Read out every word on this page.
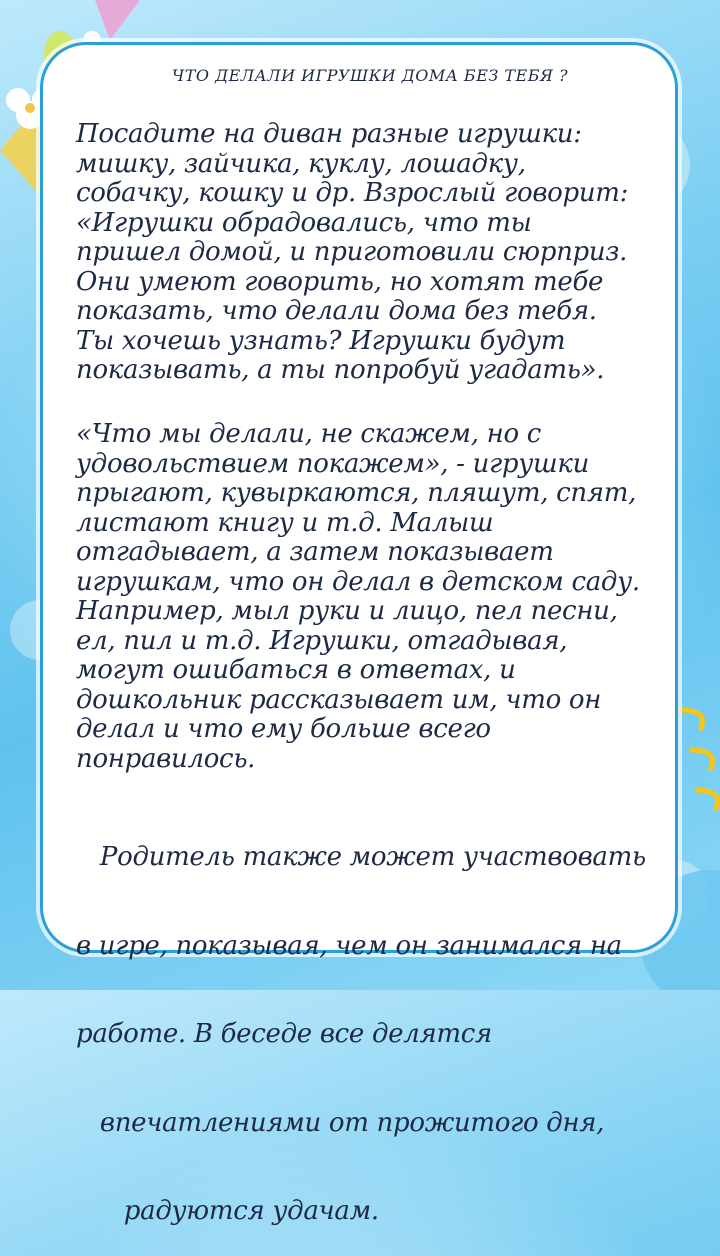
ЧТО ДЕЛАЛИ ИГРУШКИ ДОМА БЕЗ ТЕБЯ ?
Посадите на диван разные игрушки:
мишку, зайчика, куклу, лошадку,
собачку, кошку и др. Взрослый говорит:
«Игрушки обрадовались, что ты
пришел домой, и приготовили сюрприз.
Они умеют говорить, но хотят тебе
показать, что делали дома без тебя.
Ты хочешь узнать? Игрушки будут
показывать, а ты попробуй угадать».
«Что мы делали, не скажем, но с
удовольствием покажем», - игрушки
прыгают, кувыркаются, пляшут, спят,
листают книгу и т.д. Малыш
отгадывает, а затем показывает
игрушкам, что он делал в детском саду.
Например, мыл руки и лицо, пел песни,
ел, пил и т.д. Игрушки, отгадывая,
могут ошибаться в ответах, и
дошкольник рассказывает им, что он
делал и что ему больше всего
понравилось.

Родитель также может участвовать

в игре, показывая, чем он занимался на

работе. В беседе все делятся

впечатлениями от прожитого дня,

радуются удачам.
